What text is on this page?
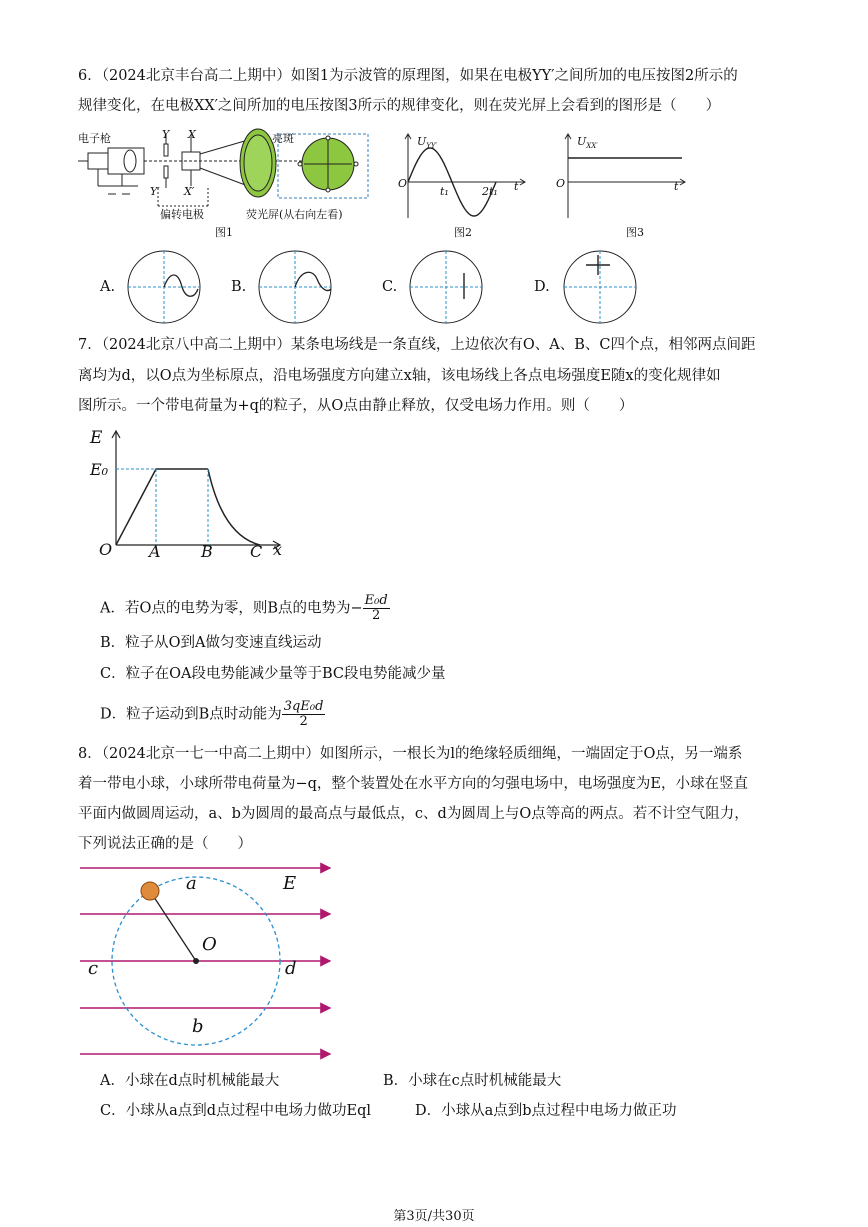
6．（2024北京丰台高二上期中）如图1为示波管的原理图，如果在电极YY′之间所加的电压按图2所示的
规律变化，在电极XX′之间所加的电压按图3所示的规律变化，则在荧光屏上会看到的图形是（　　）
电子枪	Y X
Y′ X′
亮斑
偏转电极	荧光屏(从右向左看)
图1
$U_{YY'}$
O
t₁	2t₁ t
图2
$U_{XX'}$
O	t
图3
A.	B.	C.	D.
7．（2024北京八中高二上期中）某条电场线是一条直线，上边依次有O、A、B、C四个点，相邻两点间距
离均为d，以O点为坐标原点，沿电场强度方向建立x轴，该电场线上各点电场强度E随x的变化规律如
图所示。一个带电荷量为+q的粒子，从O点由静止释放，仅受电场力作用。则（　　）
E
E₀
O A	B C x
A．若O点的电势为零，则B点的电势为− $\frac{\text{E₀d}}{2}$
B．粒子从O到A做匀变速直线运动
C．粒子在OA段电势能减少量等于BC段电势能减少量
D．粒子运动到B点时动能为 $\frac{\text{3qE₀d}}{2}$
8．（2024北京一七一中高二上期中）如图所示，一根长为l的绝缘轻质细绳，一端固定于O点，另一端系
着一带电小球，小球所带电荷量为−q，整个装置处在水平方向的匀强电场中，电场强度为E，小球在竖直
平面内做圆周运动，a、b为圆周的最高点与最低点，c、d为圆周上与O点等高的两点。若不计空气阻力，
下列说法正确的是（　　）
a	E
O
c	d
b
A．小球在d点时机械能最大	B．小球在c点时机械能最大
C．小球从a点到d点过程中电场力做功Eql	D．小球从a点到b点过程中电场力做正功
第3页/共30页
